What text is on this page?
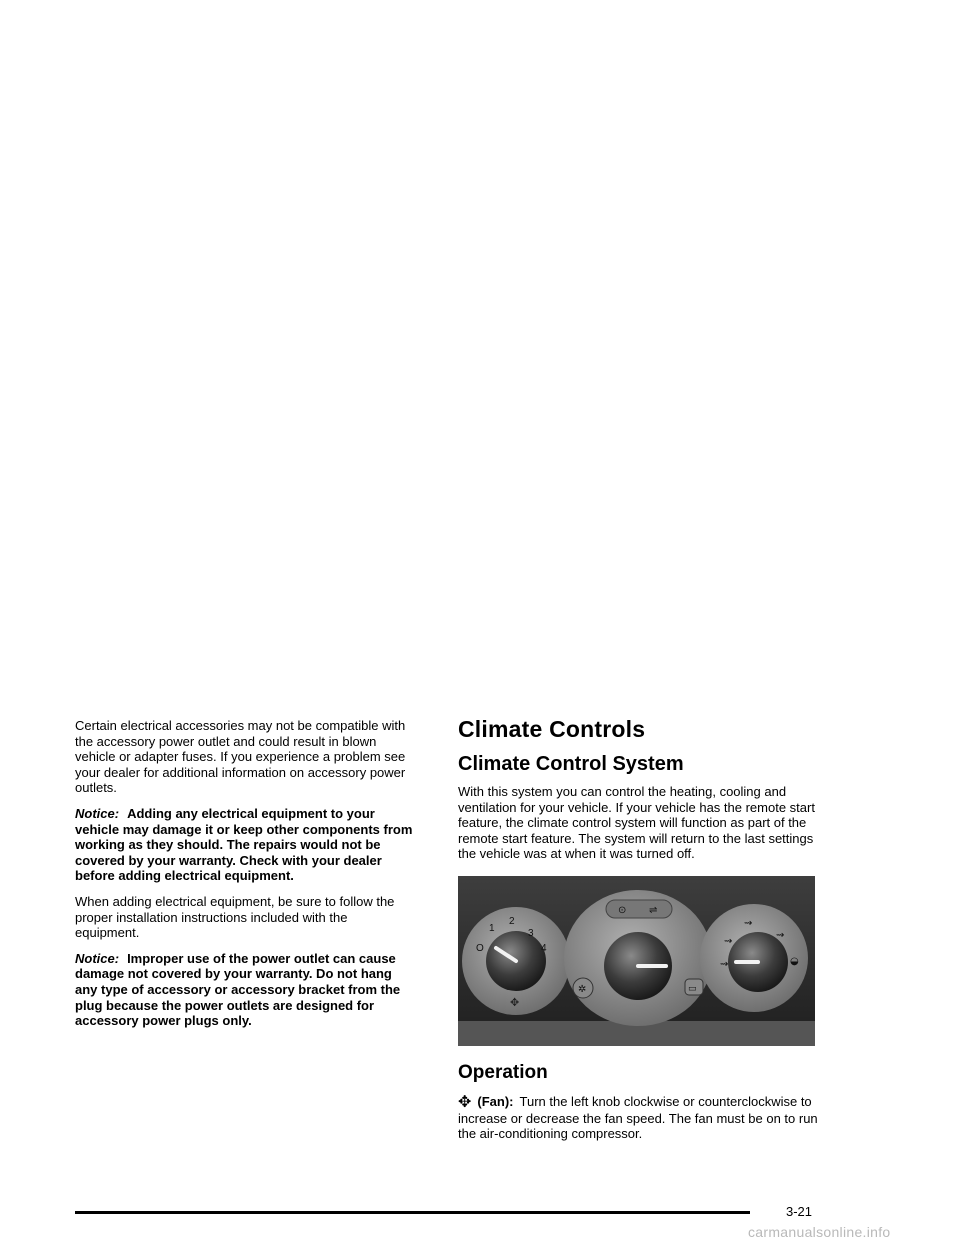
Certain electrical accessories may not be compatible with the accessory power outlet and could result in blown vehicle or adapter fuses. If you experience a problem see your dealer for additional information on accessory power outlets.

Notice: Adding any electrical equipment to your vehicle may damage it or keep other components from working as they should. The repairs would not be covered by your warranty. Check with your dealer before adding electrical equipment.

When adding electrical equipment, be sure to follow the proper installation instructions included with the equipment.

Notice: Improper use of the power outlet can cause damage not covered by your warranty. Do not hang any type of accessory or accessory bracket from the plug because the power outlets are designed for accessory power plugs only.

Climate Controls
Climate Control System

With this system you can control the heating, cooling and ventilation for your vehicle. If your vehicle has the remote start feature, the climate control system will function as part of the remote start feature. The system will return to the last settings the vehicle was at when it was turned off.

O
1
2
3
4
✥
⊙ ⇌
✲	▭
⇝
⇝
⇝
⇝	◒
Operation

✥ (Fan): Turn the left knob clockwise or counterclockwise to increase or decrease the fan speed. The fan must be on to run the air-conditioning compressor.

3-21
carmanualsonline.info
